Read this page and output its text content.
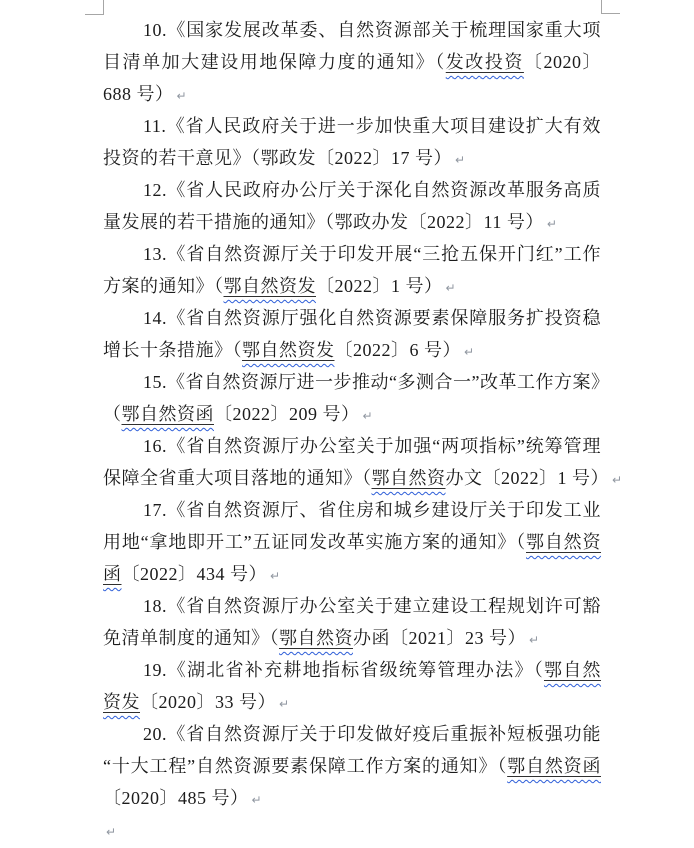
10.《国家发展改革委、自然资源部关于梳理国家重大项
目清单加大建设用地保障力度的通知》（发改投资〔2020〕
688 号） ↵
11.《省人民政府关于进一步加快重大项目建设扩大有效
投资的若干意见》（鄂政发〔2022〕17 号） ↵
12.《省人民政府办公厅关于深化自然资源改革服务高质
量发展的若干措施的通知》（鄂政办发〔2022〕11 号） ↵
13.《省自然资源厅关于印发开展“三抢五保开门红”工作
方案的通知》（鄂自然资发〔2022〕1 号） ↵
14.《省自然资源厅强化自然资源要素保障服务扩投资稳
增长十条措施》（鄂自然资发〔2022〕6 号） ↵
15.《省自然资源厅进一步推动“多测合一”改革工作方案》
（鄂自然资函〔2022〕209 号） ↵
16.《省自然资源厅办公室关于加强“两项指标”统筹管理
保障全省重大项目落地的通知》（鄂自然资办文〔2022〕1 号） ↵
17.《省自然资源厅、省住房和城乡建设厅关于印发工业
用地“拿地即开工”五证同发改革实施方案的通知》（鄂自然资
函〔2022〕434 号） ↵
18.《省自然资源厅办公室关于建立建设工程规划许可豁
免清单制度的通知》（鄂自然资办函〔2021〕23 号） ↵
19.《湖北省补充耕地指标省级统筹管理办法》（鄂自然
资发〔2020〕33 号） ↵
20.《省自然资源厅关于印发做好疫后重振补短板强功能
“十大工程”自然资源要素保障工作方案的通知》（鄂自然资函
〔2020〕485 号） ↵
↵
